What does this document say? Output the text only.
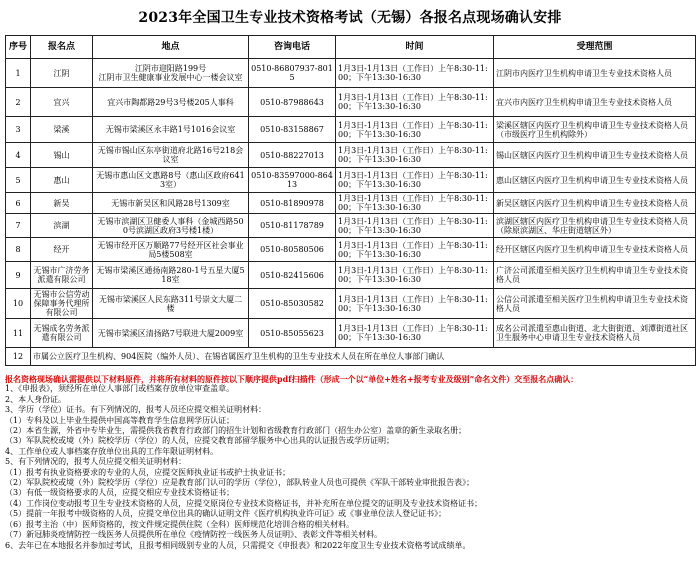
2023年全国卫生专业技术资格考试（无锡）各报名点现场确认安排
序号	报名点	地点	咨询电话	时间	受理范围
1	江阴	江阴市迎阳路199号
江阴市卫生健康事业发展中心一楼会议室	0510-86807937-8015	1月3日-1月13日（工作日）上午8:30-11:00；下午13:30-16:30	江阴市内医疗卫生机构申请卫生专业技术资格人员
2	宜兴	宜兴市陶都路29号3号楼205人事科	0510-87988643	1月3日-1月13日（工作日）上午8:30-11:00；下午13:30-16:30	宜兴市内医疗卫生机构申请卫生专业技术资格人员
3	梁溪	无锡市梁溪区永丰路1号1016会议室	0510-83158867	1月3日-1月13日（工作日）上午8:30-11:00；下午13:30-16:30	梁溪区辖区内医疗卫生机构申请卫生专业技术资格人员（市级医疗卫生机构除外）
4	锡山	无锡市锡山区东亭街道府北路16号218会议室	0510-88227013	1月3日-1月13日（工作日）上午8:30-11:00；下午13:30-16:30	锡山区辖区内医疗卫生机构申请卫生专业技术资格人员
5	惠山	无锡市惠山区文惠路8号（惠山区政府6413室）	0510-83597000-86413	1月3日-1月13日（工作日）上午8:30-11:00；下午13:30-16:30	惠山区辖区内医疗卫生机构申请卫生专业技术资格人员
6	新吴	无锡市新吴区和风路28号1309室	0510-81890978	1月3日-1月13日（工作日）上午8:30-11:00；下午13:30-16:30	新吴区辖区内医疗卫生机构申请卫生专业技术资格人员
7	滨湖	无锡市滨湖区卫健委人事科（金城西路500号滨湖区政府3号楼1楼）	0510-81178789	1月3日-1月13日（工作日）上午8:30-11:00；下午13:30-16:30	滨湖区辖区内医疗卫生机构申请卫生专业技术资格人员（除原滨湖区、华庄街道辖区外）
8	经开	无锡市经开区万顺路77号经开区社会事业局5楼508室	0510-80580506	1月3日-1月13日（工作日）上午8:30-11:00；下午13:30-16:30	经开区辖区内医疗卫生机构申请卫生专业技术资格人员
9	无锡市广济劳务派遣有限公司	无锡市梁溪区通扬南路280-1号五星大厦518室	0510-82415606	1月3日-1月13日（工作日）上午8:30-11:00；下午13:30-16:30	广济公司派遣至相关医疗卫生机构申请卫生专业技术资格人员
10	无锡市公信劳动保障事务代理所有限公司	无锡市梁溪区人民东路311号崇文大厦二楼	0510-85030582	1月3日-1月13日（工作日）上午8:30-11:00；下午13:30-16:30	公信公司派遣至相关医疗卫生机构申请卫生专业技术资格人员
11	无锡成名劳务派遣有限公司	无锡市梁溪区清扬路7号联进大厦2009室	0510-85055623	1月3日-1月13日（工作日）上午8:30-11:00；下午13:30-16:30	成名公司派遣至惠山街道、北大街街道、刘潭街道社区卫生服务中心申请卫生专业技术资格人员
12	市属公立医疗卫生机构、904医院（编外人员）、在锡省属医疗卫生机构的卫生专业技术人员在所在单位人事部门确认				
报名资格现场确认需提供以下材料原件，并将所有材料的原件按以下顺序提供pdf扫描件（形成一个以“单位+姓名+报考专业及级别”命名文件）交至报名点确认：
1、《申报表》，须经所在单位人事部门或档案存放单位审查盖章。
2、本人身份证。
3、学历（学位）证书。有下列情况的，报考人员还应提交相关证明材料：
（1）专科及以上毕业生提供中国高等教育学生信息网学历认证；
（2）本省生源，外省中专毕业生，需提供我省教育行政部门的招生计划和省级教育行政部门（招生办公室）盖章的新生录取名册；
（3）军队院校或境（外）院校学历（学位）的人员，应提交教育部留学服务中心出具的认证报告或学历证明；
4、工作单位或人事档案存放单位出具的工作年限证明材料。
5、有下列情况的，报考人员应提交相关证明材料：
（1）报考有执业资格要求的专业的人员，应提交医师执业证书或护士执业证书；
（2）军队院校或境（外）院校学历（学位）应是教育部门认可的学历（学位），部队转业人员也可提供《军队干部转业审批报告表》；
（3）有低一级资格要求的人员，应提交相应专业技术资格证书；
（4）工作岗位变动报考卫生专业技术资格的人员，应提交原岗位专业技术资格证书，并补充所在单位提交的证明及专业技术资格证书；
（5）提前一年报考中级资格的人员，应提交单位出具的确认证明文件《医疗机构执业许可证》或《事业单位法人登记证书》；
（6）报考主治（中）医师资格的，按文件规定提供住院（全科）医师规范化培训合格的相关材料。
（7）新冠肺炎疫情防控一线医务人员提供所在单位《疫情防控一线医务人员证明》、表彰文件等相关材料。
6、去年已在本地报名并参加过考试，且报考相同级别专业的人员，只需提交《申报表》和2022年度卫生专业技术资格考试成绩单。
